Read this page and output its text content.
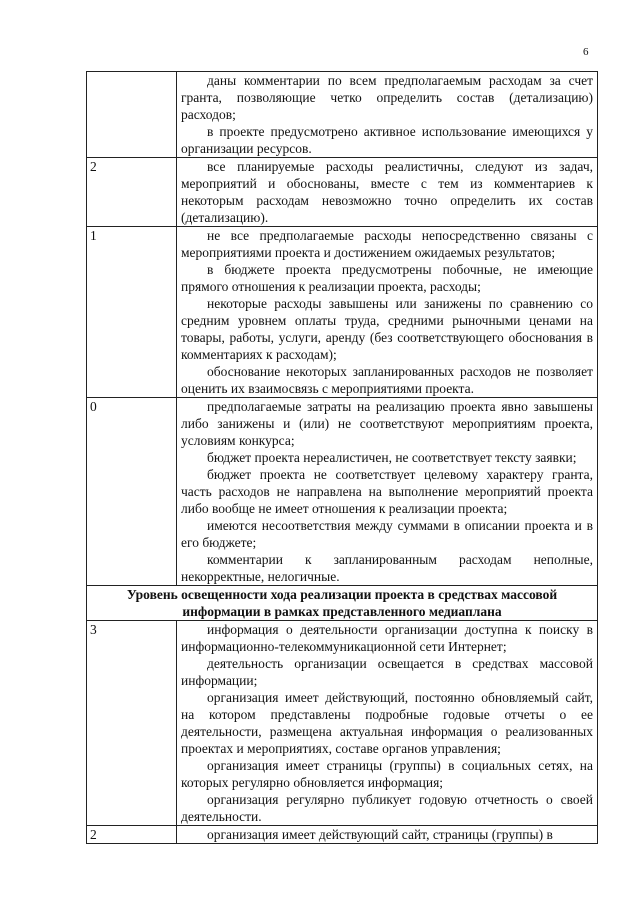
6

	даны комментарии по всем предполагаемым расходам за счет гранта, позволяющие четко определить состав (детализацию) расходов;

в проекте предусмотрено активное использование имеющихся у организации ресурсов.

2	все планируемые расходы реалистичны, следуют из задач, мероприятий и обоснованы, вместе с тем из комментариев к некоторым расходам невозможно точно определить их состав (детализацию).

1	не все предполагаемые расходы непосредственно связаны с мероприятиями проекта и достижением ожидаемых результатов;

в бюджете проекта предусмотрены побочные, не имеющие прямого отношения к реализации проекта, расходы;

некоторые расходы завышены или занижены по сравнению со средним уровнем оплаты труда, средними рыночными ценами на товары, работы, услуги, аренду (без соответствующего обоснования в комментариях к расходам);

обоснование некоторых запланированных расходов не позволяет оценить их взаимосвязь с мероприятиями проекта.

0	предполагаемые затраты на реализацию проекта явно завышены либо занижены и (или) не соответствуют мероприятиям проекта, условиям конкурса;

бюджет проекта нереалистичен, не соответствует тексту заявки;

бюджет проекта не соответствует целевому характеру гранта, часть расходов не направлена на выполнение мероприятий проекта либо вообще не имеет отношения к реализации проекта;

имеются несоответствия между суммами в описании проекта и в его бюджете;

комментарии к запланированным расходам неполные, некорректные, нелогичные.

Уровень освещенности хода реализации проекта в средствах массовой информации в рамках представленного медиаплана	
3	информация о деятельности организации доступна к поиску в информационно-телекоммуникационной сети Интернет;

деятельность организации освещается в средствах массовой информации;

организация имеет действующий, постоянно обновляемый сайт, на котором представлены подробные годовые отчеты о ее деятельности, размещена актуальная информация о реализованных проектах и мероприятиях, составе органов управления;

организация имеет страницы (группы) в социальных сетях, на которых регулярно обновляется информация;

организация регулярно публикует годовую отчетность о своей деятельности.

2	организация имеет действующий сайт, страницы (группы) в
